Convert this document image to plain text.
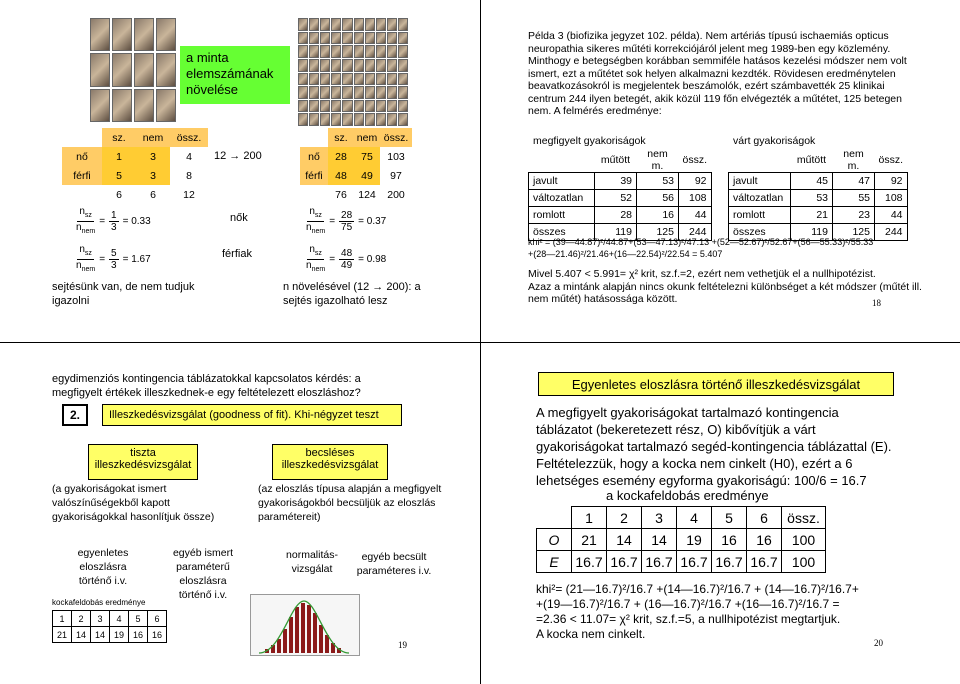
a minta elemszámának növelése
	sz.	nem	össz.
nő	1	3	4
férfi	5	3	8
	6	6	12
12 → 200
	sz.	nem	össz.
nő	28	75	103
férfi	48	49	97
	76	124	200
$\frac{n_{sz}}{n_{nem}} = \frac{1}{3} = 0.33$
$\frac{n_{sz}}{n_{nem}} = \frac{5}{3} = 1.67$
nők
férfiak
$\frac{n_{sz}}{n_{nem}} = \frac{28}{75} = 0.37$
$\frac{n_{sz}}{n_{nem}} = \frac{48}{49} = 0.98$
sejtésünk van, de nem tudjuk igazolni
n növelésével (12 → 200): a sejtés igazolható lesz
Példa 3 (biofizika jegyzet 102. példa). Nem artériás típusú ischaemiás opticus neuropathia sikeres műtéti korrekciójáról jelent meg 1989-ben egy közlemény. Minthogy e betegségben korábban semmiféle hatásos kezelési módszer nem volt ismert, ezt a műtétet sok helyen alkalmazni kezdték. Rövidesen eredménytelen beavatkozásokról is megjelentek beszámolók, ezért számbavették 25 klinikai centrum 244 ilyen betegét, akik közül 119 főn elvégezték a műtétet, 125 betegen nem. A felmérés eredménye:
megfigyelt gyakoriságok	várt gyakoriságok
	műtött	nem m.	össz.
javult	39	53	92
változatlan	52	56	108
romlott	28	16	44
összes	119	125	244
	műtött	nem m.	össz.
javult	45	47	92
változatlan	53	55	108
romlott	21	23	44
összes	119	125	244
khi² = (39—44.87)²/44.87+(53—47.13)²/47.13 +(52—52.67)²/52.67+(56—55.33)²/55.33
+(28—21.46)²/21.46+(16—22.54)²/22.54 = 5.407
Mivel 5.407 < 5.991= χ² krit, sz.f.=2, ezért nem vethetjük el a nullhipotézist.
Azaz a mintánk alapján nincs okunk feltételezni különbséget a két módszer (műtét ill. nem műtét) hatásossága között.	18
egydimenziós kontingencia táblázatokkal kapcsolatos kérdés: a megfigyelt értékek illeszkednek-e egy feltételezett eloszláshoz?
2.	Illeszkedésvizsgálat (goodness of fit). Khi-négyzet teszt
tiszta illeszkedésvizsgálat
becsléses illeszkedésvizsgálat
(a gyakoriságokat ismert valószínűségekből kapott gyakoriságokkal hasonlítjuk össze)
(az eloszlás típusa alapján a megfigyelt gyakoriságokból becsüljük az eloszlás paramétereit)
egyenletes eloszlásra történő i.v.
egyéb ismert paraméterű eloszlásra történő i.v.
normalitás-vizsgálat
egyéb becsült paraméteres i.v.
kockafeldobás eredménye
1	2	3	4	5	6
21	14	14	19	16	16
19
Egyenletes eloszlásra történő illeszkedésvizsgálat
A megfigyelt gyakoriságokat tartalmazó kontingencia táblázatot (bekeretezett rész, O) kibővítjük a várt gyakoriságokat tartalmazó segéd-kontingencia táblázattal (E). Feltételezzük, hogy a kocka nem cinkelt (H0), ezért a 6 lehetséges esemény egyforma gyakoriságú: 100/6 = 16.7
a kockafeldobás eredménye
	1	2	3	4	5	6	össz.
O	21	14	14	19	16	16	100
E	16.7	16.7	16.7	16.7	16.7	16.7	100
khi²= (21—16.7)²/16.7 +(14—16.7)²/16.7 + (14—16.7)²/16.7+
+(19—16.7)²/16.7 + (16—16.7)²/16.7 +(16—16.7)²/16.7 =
=2.36 < 11.07= χ² krit, sz.f.=5, a nullhipotézist megtartjuk.
A kocka nem cinkelt.
20
